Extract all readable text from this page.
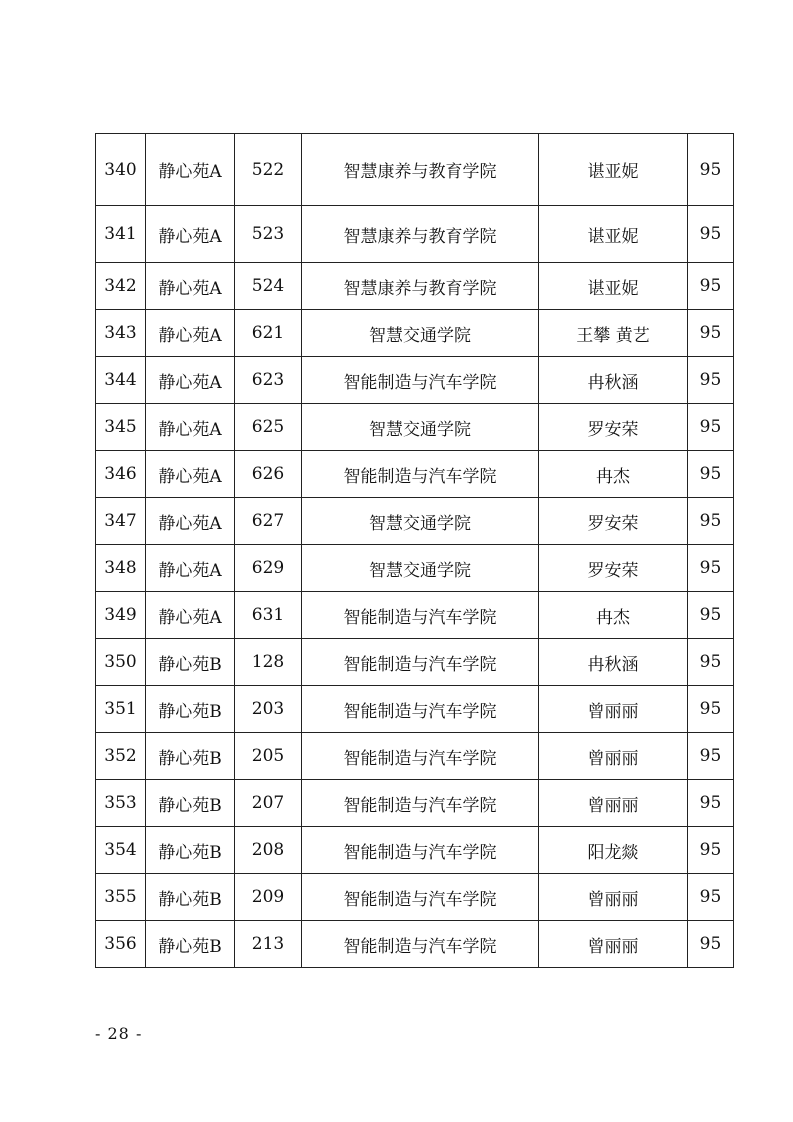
340	静心苑A	522	智慧康养与教育学院	谌亚妮	95
341	静心苑A	523	智慧康养与教育学院	谌亚妮	95
342	静心苑A	524	智慧康养与教育学院	谌亚妮	95
343	静心苑A	621	智慧交通学院	王攀 黄艺	95
344	静心苑A	623	智能制造与汽车学院	冉秋涵	95
345	静心苑A	625	智慧交通学院	罗安荣	95
346	静心苑A	626	智能制造与汽车学院	冉杰	95
347	静心苑A	627	智慧交通学院	罗安荣	95
348	静心苑A	629	智慧交通学院	罗安荣	95
349	静心苑A	631	智能制造与汽车学院	冉杰	95
350	静心苑B	128	智能制造与汽车学院	冉秋涵	95
351	静心苑B	203	智能制造与汽车学院	曾丽丽	95
352	静心苑B	205	智能制造与汽车学院	曾丽丽	95
353	静心苑B	207	智能制造与汽车学院	曾丽丽	95
354	静心苑B	208	智能制造与汽车学院	阳龙燚	95
355	静心苑B	209	智能制造与汽车学院	曾丽丽	95
356	静心苑B	213	智能制造与汽车学院	曾丽丽	95
- 28 -
